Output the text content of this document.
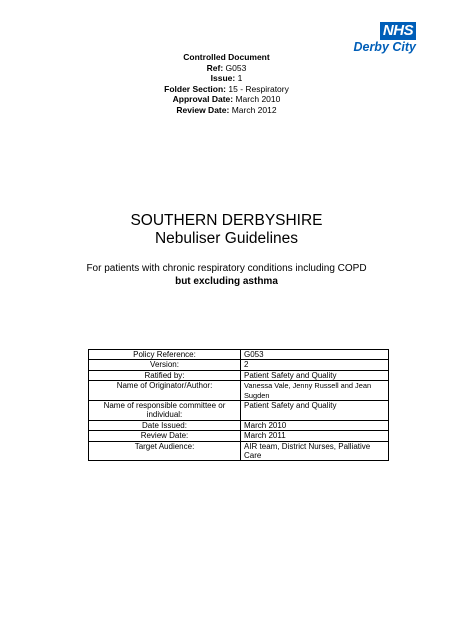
NHS
Derby City
Controlled Document
Ref: G053
Issue: 1
Folder Section: 15 - Respiratory
Approval Date: March 2010
Review Date: March 2012
SOUTHERN DERBYSHIRE
Nebuliser Guidelines
For patients with chronic respiratory conditions including COPD
but excluding asthma
Policy Reference:	G053
Version:	2
Ratified by:	Patient Safety and Quality
Name of Originator/Author:	Vanessa Vale, Jenny Russell and Jean Sugden
Name of responsible committee or individual:	Patient Safety and Quality
Date Issued:	March 2010
Review Date:	March 2011
Target Audience:	AIR team, District Nurses, Palliative Care
